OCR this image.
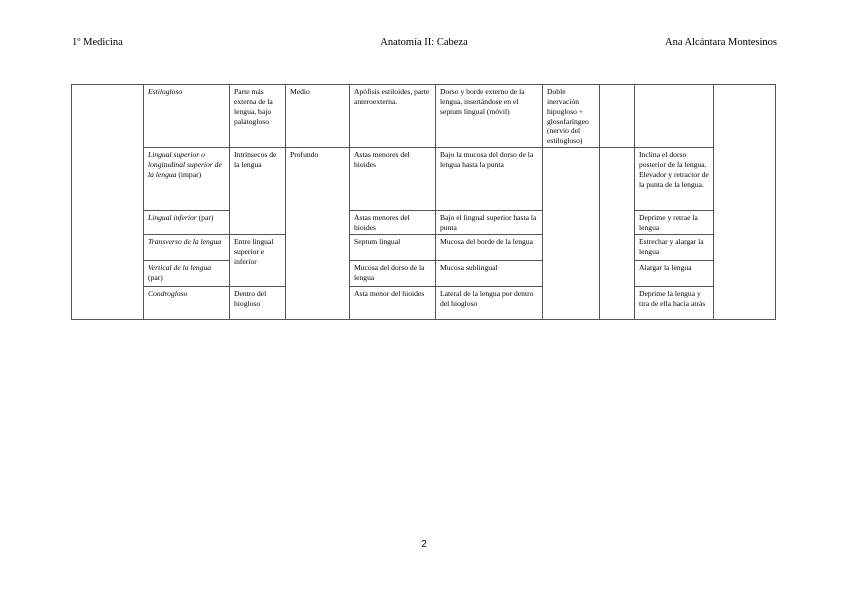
1º Medicina	Anatomía II: Cabeza	Ana Alcántara Montesinos
	Estilogloso	Parte más externa de la lengua, bajo palatogloso	Medio	Apófisis estiloides, parte anteroexterna.	Dorso y borde externo de la lengua, insertándose en el septum lingual (móvil)	Doble inervación hipogloso + glosofaríngeo (nervio del estilogloso)			
	Lingual superior o longitudinal superior de la lengua (impar)	Intrínsecos de la lengua	Profundo	Astas menores del hioides	Bajo la mucosa del dorso de la lengua hasta la punta			Inclina el dorso posterior de la lengua. Elevador y retractor de la punta de la lengua.	
	Lingual inferior (par)			Astas menores del hioides	Bajo el lingual superior hasta la punta			Deprime y retrae la lengua	
	Transverso de la lengua	Entre lingual superior e inferior		Septum lingual	Mucosa del borde de la lengua			Estrechar y alargar la lengua	
	Vertical de la lengua (par)			Mucosa del dorso de la lengua	Mucosa sublingual			Alargar la lengua	
	Condrogloso	Dentro del hiogloso		Asta menor del hioides	Lateral de la lengua por dentro del hiogloso			Deprime la lengua y tira de ella hacia atrás	
2
